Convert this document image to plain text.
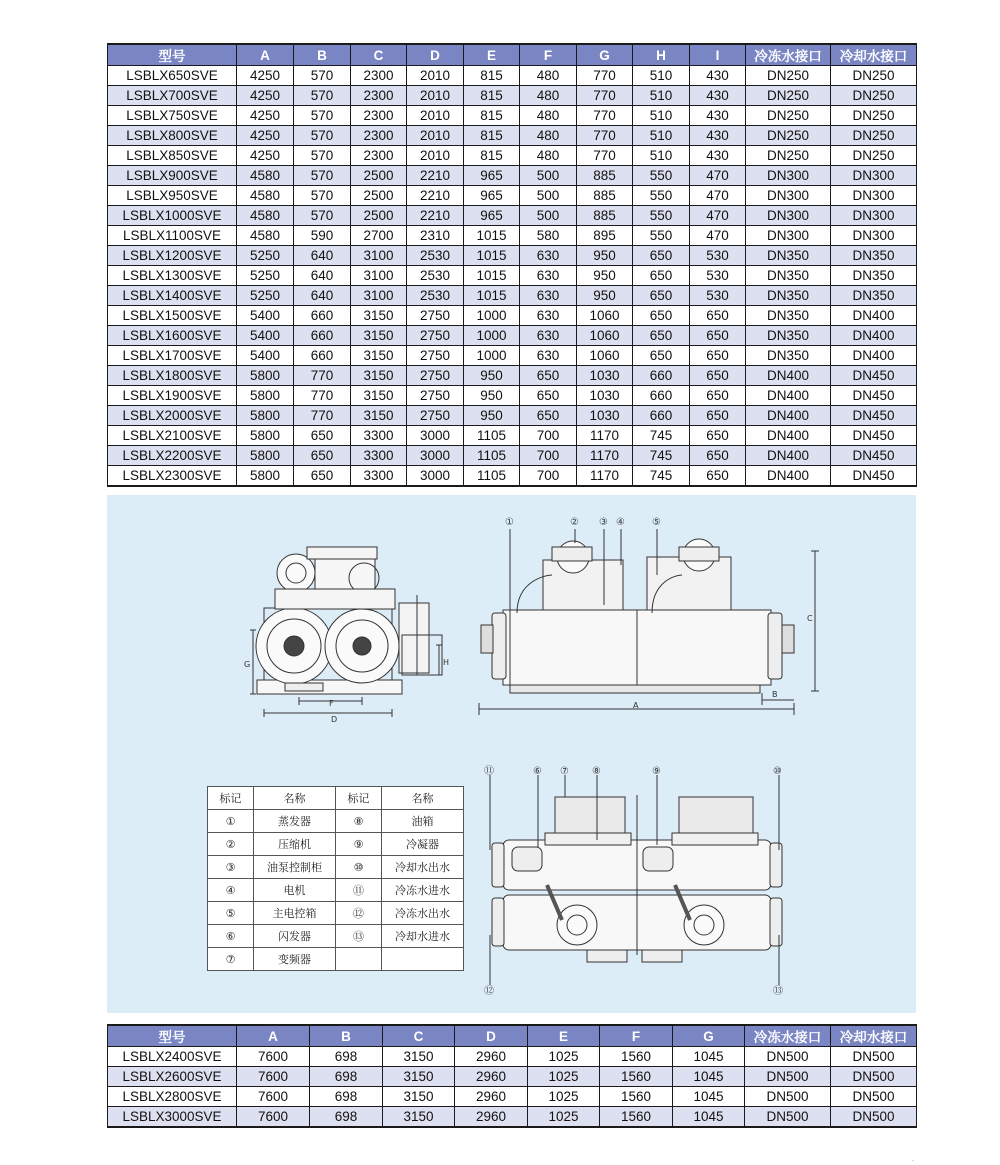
型号	A	B	C	D	E	F	G	H	I	冷冻水接口	冷却水接口
LSBLX650SVE	4250	570	2300	2010	815	480	770	510	430	DN250	DN250
LSBLX700SVE	4250	570	2300	2010	815	480	770	510	430	DN250	DN250
LSBLX750SVE	4250	570	2300	2010	815	480	770	510	430	DN250	DN250
LSBLX800SVE	4250	570	2300	2010	815	480	770	510	430	DN250	DN250
LSBLX850SVE	4250	570	2300	2010	815	480	770	510	430	DN250	DN250
LSBLX900SVE	4580	570	2500	2210	965	500	885	550	470	DN300	DN300
LSBLX950SVE	4580	570	2500	2210	965	500	885	550	470	DN300	DN300
LSBLX1000SVE	4580	570	2500	2210	965	500	885	550	470	DN300	DN300
LSBLX1100SVE	4580	590	2700	2310	1015	580	895	550	470	DN300	DN300
LSBLX1200SVE	5250	640	3100	2530	1015	630	950	650	530	DN350	DN350
LSBLX1300SVE	5250	640	3100	2530	1015	630	950	650	530	DN350	DN350
LSBLX1400SVE	5250	640	3100	2530	1015	630	950	650	530	DN350	DN350
LSBLX1500SVE	5400	660	3150	2750	1000	630	1060	650	650	DN350	DN400
LSBLX1600SVE	5400	660	3150	2750	1000	630	1060	650	650	DN350	DN400
LSBLX1700SVE	5400	660	3150	2750	1000	630	1060	650	650	DN350	DN400
LSBLX1800SVE	5800	770	3150	2750	950	650	1030	660	650	DN400	DN450
LSBLX1900SVE	5800	770	3150	2750	950	650	1030	660	650	DN400	DN450
LSBLX2000SVE	5800	770	3150	2750	950	650	1030	660	650	DN400	DN450
LSBLX2100SVE	5800	650	3300	3000	1105	700	1170	745	650	DN400	DN450
LSBLX2200SVE	5800	650	3300	3000	1105	700	1170	745	650	DN400	DN450
LSBLX2300SVE	5800	650	3300	3000	1105	700	1170	745	650	DN400	DN450
G
F
D
H
①	② ③ ④	⑤
A
B
C
⑪	⑥ ⑦ ⑧	⑨	⑩
⑫	⑬
标记	名称	标记	名称
①	蒸发器	⑧	油箱
②	压缩机	⑨	冷凝器
③	油泵控制柜	⑩	冷却水出水
④	电机	⑪	冷冻水进水
⑤	主电控箱	⑫	冷冻水出水
⑥	闪发器	⑬	冷却水进水
⑦	变频器		
型号	A	B	C	D	E	F	G	冷冻水接口	冷却水接口
LSBLX2400SVE	7600	698	3150	2960	1025	1560	1045	DN500	DN500
LSBLX2600SVE	7600	698	3150	2960	1025	1560	1045	DN500	DN500
LSBLX2800SVE	7600	698	3150	2960	1025	1560	1045	DN500	DN500
LSBLX3000SVE	7600	698	3150	2960	1025	1560	1045	DN500	DN500
·
